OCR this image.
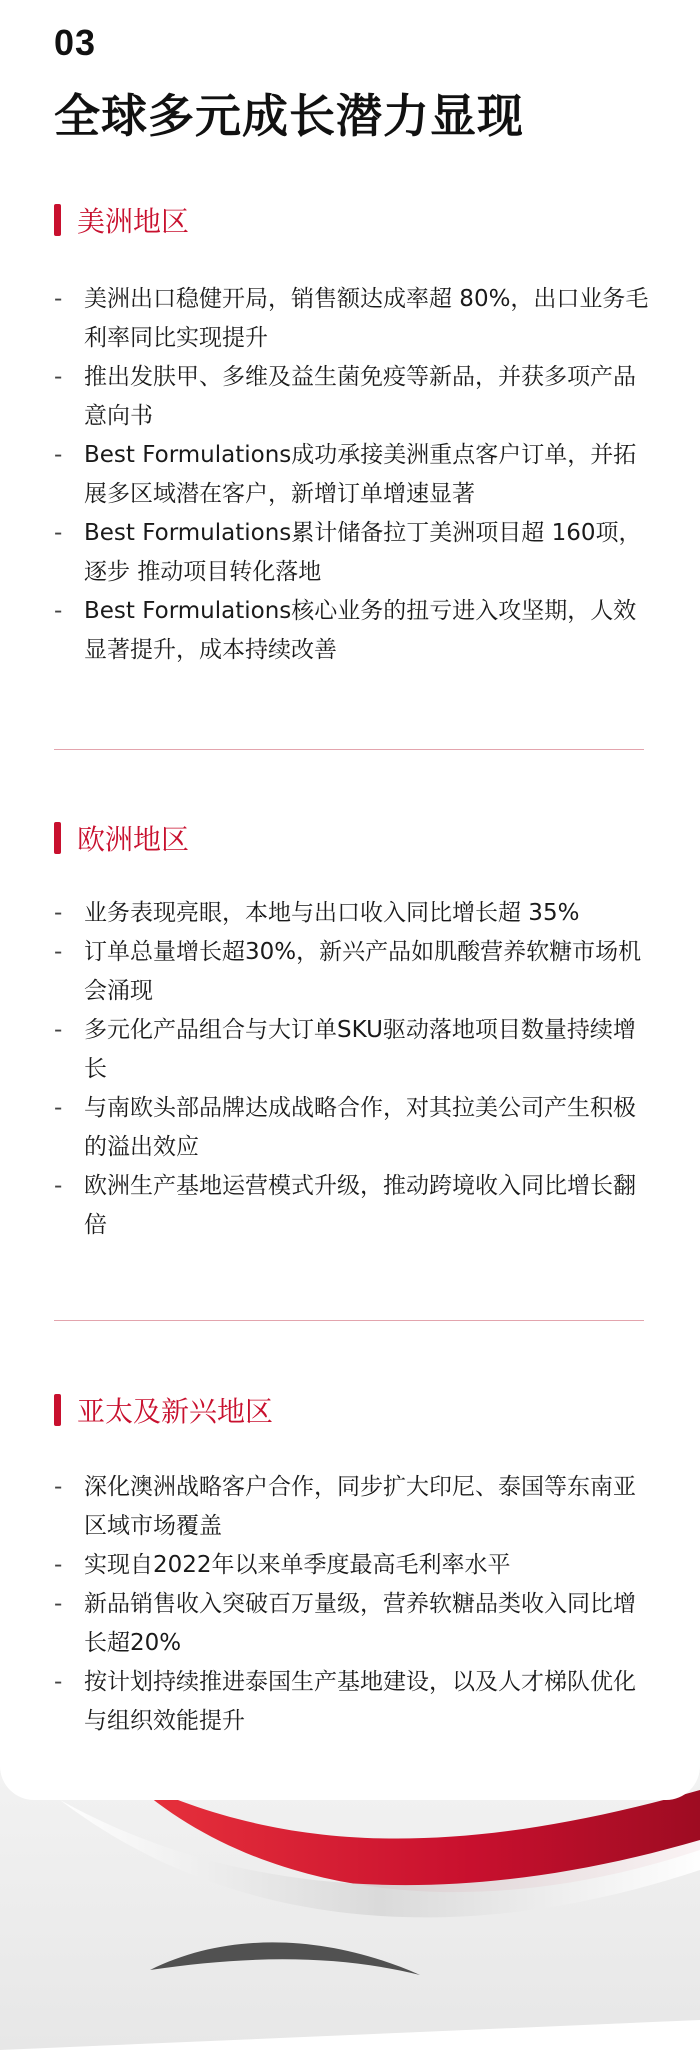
03
全球多元成长潜力显现
美洲地区
- 美洲出口稳健开局，销售额达成率超 80%，出口业务毛利率同比实现提升
- 推出发肤甲、多维及益生菌免疫等新品，并获多项产品意向书
- Best Formulations成功承接美洲重点客户订单，并拓展多区域潜在客户，新增订单增速显著
- Best Formulations累计储备拉丁美洲项目超 160项，逐步 推动项目转化落地
- Best Formulations核心业务的扭亏进入攻坚期，人效显著提升，成本持续改善
欧洲地区
- 业务表现亮眼，本地与出口收入同比增长超 35%
- 订单总量增长超30%，新兴产品如肌酸营养软糖市场机会涌现
- 多元化产品组合与大订单SKU驱动落地项目数量持续增长
- 与南欧头部品牌达成战略合作，对其拉美公司产生积极的溢出效应
- 欧洲生产基地运营模式升级，推动跨境收入同比增长翻倍
亚太及新兴地区
- 深化澳洲战略客户合作，同步扩大印尼、泰国等东南亚区域市场覆盖
- 实现自2022年以来单季度最高毛利率水平
- 新品销售收入突破百万量级，营养软糖品类收入同比增长超20%
- 按计划持续推进泰国生产基地建设，以及人才梯队优化与组织效能提升
